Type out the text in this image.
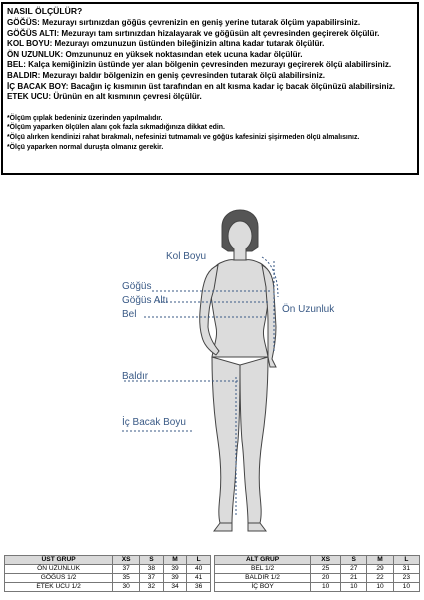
NASIL ÖLÇÜLÜR?
GÖĞÜS: Mezurayı sırtınızdan göğüs çevrenizin en geniş yerine tutarak ölçüm yapabilirsiniz.
GÖĞÜS ALTI: Mezurayı tam sırtınızdan hizalayarak ve göğüsün alt çevresinden geçirerek ölçülür.
KOL BOYU: Mezurayı omzunuzun üstünden bileğinizin altına kadar tutarak ölçülür.
ÖN UZUNLUK: Omzununuz en yüksek noktasından etek ucuna kadar ölçülür.
BEL: Kalça kemiğinizin üstünde yer alan bölgenin çevresinden mezurayı geçirerek ölçü alabilirsiniz.
BALDIR: Mezurayı baldır bölgenizin en geniş çevresinden tutarak ölçü alabilirsiniz.
İÇ BACAK BOY: Bacağın iç kısmının üst tarafından en alt kısma kadar iç bacak ölçünüzü alabilirsiniz.
ETEK UCU: Ürünün en alt kısmının çevresi ölçülür.
*Ölçüm çıplak bedeniniz üzerinden yapılmalıdır.
*Ölçüm yaparken ölçülen alanı çok fazla sıkmadığınıza dikkat edin.
*Ölçü alırken kendinizi rahat bırakmalı, nefesinizi tutmamalı ve göğüs kafesinizi şişirmeden ölçü almalısınız.
*Ölçü yaparken normal duruşta olmanız gerekir.
Kol Boyu
Göğüs
Göğüs Altı
Bel	Ön Uzunluk
Baldır
İç Bacak Boyu
ÜST GRUP	XS	S	M	L
ÖN UZUNLUK	37	38	39	40
GÖĞÜS 1/2	35	37	39	41
ETEK UCU 1/2	30	32	34	36
ALT GRUP	XS	S	M	L
BEL 1/2	25	27	29	31
BALDIR 1/2	20	21	22	23
İÇ BOY	10	10	10	10
